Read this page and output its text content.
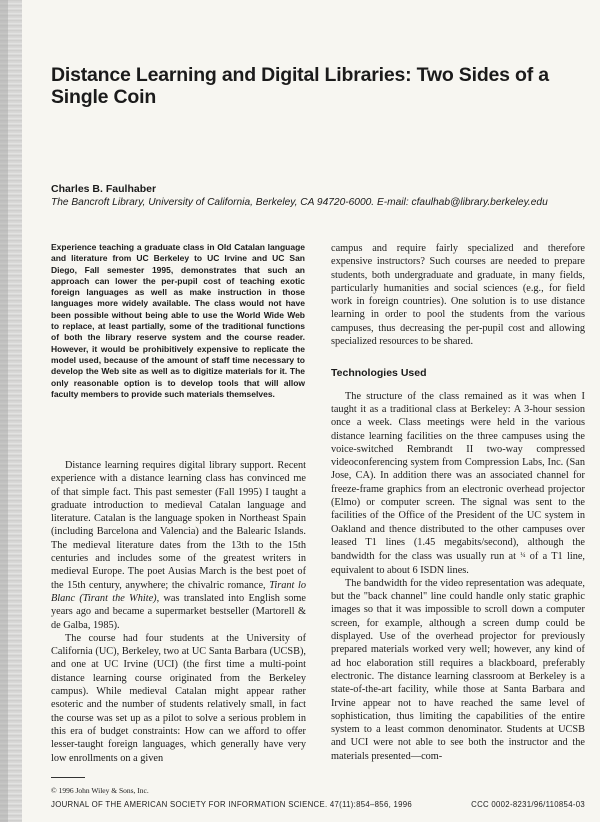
Distance Learning and Digital Libraries: Two Sides of a Single Coin
Charles B. Faulhaber
The Bancroft Library, University of California, Berkeley, CA 94720-6000. E-mail: cfaulhab@library.berkeley.edu

Experience teaching a graduate class in Old Catalan language and literature from UC Berkeley to UC Irvine and UC San Diego, Fall semester 1995, demonstrates that such an approach can lower the per-pupil cost of teaching exotic foreign languages as well as make instruction in those languages more widely available. The class would not have been possible without being able to use the World Wide Web to replace, at least partially, some of the traditional functions of both the library reserve system and the course reader. However, it would be prohibitively expensive to replicate the model used, because of the amount of staff time necessary to develop the Web site as well as to digitize materials for it. The only reasonable option is to develop tools that will allow faculty members to provide such materials themselves.

Distance learning requires digital library support. Recent experience with a distance learning class has convinced me of that simple fact. This past semester (Fall 1995) I taught a graduate introduction to medieval Catalan language and literature. Catalan is the language spoken in Northeast Spain (including Barcelona and Valencia) and the Balearic Islands. The medieval literature dates from the 13th to the 15th centuries and includes some of the greatest writers in medieval Europe. The poet Ausias March is the best poet of the 15th century, anywhere; the chivalric romance, Tirant lo Blanc (Tirant the White), was translated into English some years ago and became a supermarket bestseller (Martorell & de Galba, 1985).

The course had four students at the University of California (UC), Berkeley, two at UC Santa Barbara (UCSB), and one at UC Irvine (UCI) (the first time a multi-point distance learning course originated from the Berkeley campus). While medieval Catalan might appear rather esoteric and the number of students relatively small, in fact the course was set up as a pilot to solve a serious problem in this era of budget constraints: How can we afford to offer lesser-taught foreign languages, which generally have very low enrollments on a given

campus and require fairly specialized and therefore expensive instructors? Such courses are needed to prepare students, both undergraduate and graduate, in many fields, particularly humanities and social sciences (e.g., for field work in foreign countries). One solution is to use distance learning in order to pool the students from the various campuses, thus decreasing the per-pupil cost and allowing specialized resources to be shared.

Technologies Used

The structure of the class remained as it was when I taught it as a traditional class at Berkeley: A 3-hour session once a week. Class meetings were held in the various distance learning facilities on the three campuses using the voice-switched Rembrandt II two-way compressed videoconferencing system from Compression Labs, Inc. (San Jose, CA). In addition there was an associated channel for freeze-frame graphics from an electronic overhead projector (Elmo) or computer screen. The signal was sent to the facilities of the Office of the President of the UC system in Oakland and thence distributed to the other campuses over leased T1 lines (1.45 megabits/second), although the bandwidth for the class was usually run at ¼ of a T1 line, equivalent to about 6 ISDN lines.

The bandwidth for the video representation was adequate, but the "back channel" line could handle only static graphic images so that it was impossible to scroll down a computer screen, for example, although a screen dump could be displayed. Use of the overhead projector for previously prepared materials worked very well; however, any kind of ad hoc elaboration still requires a blackboard, preferably electronic. The distance learning classroom at Berkeley is a state-of-the-art facility, while those at Santa Barbara and Irvine appear not to have reached the same level of sophistication, thus limiting the capabilities of the entire system to a least common denominator. Students at UCSB and UCI were not able to see both the instructor and the materials presented—com-

© 1996 John Wiley & Sons, Inc.
JOURNAL OF THE AMERICAN SOCIETY FOR INFORMATION SCIENCE. 47(11):854–856, 1996	CCC 0002-8231/96/110854-03
